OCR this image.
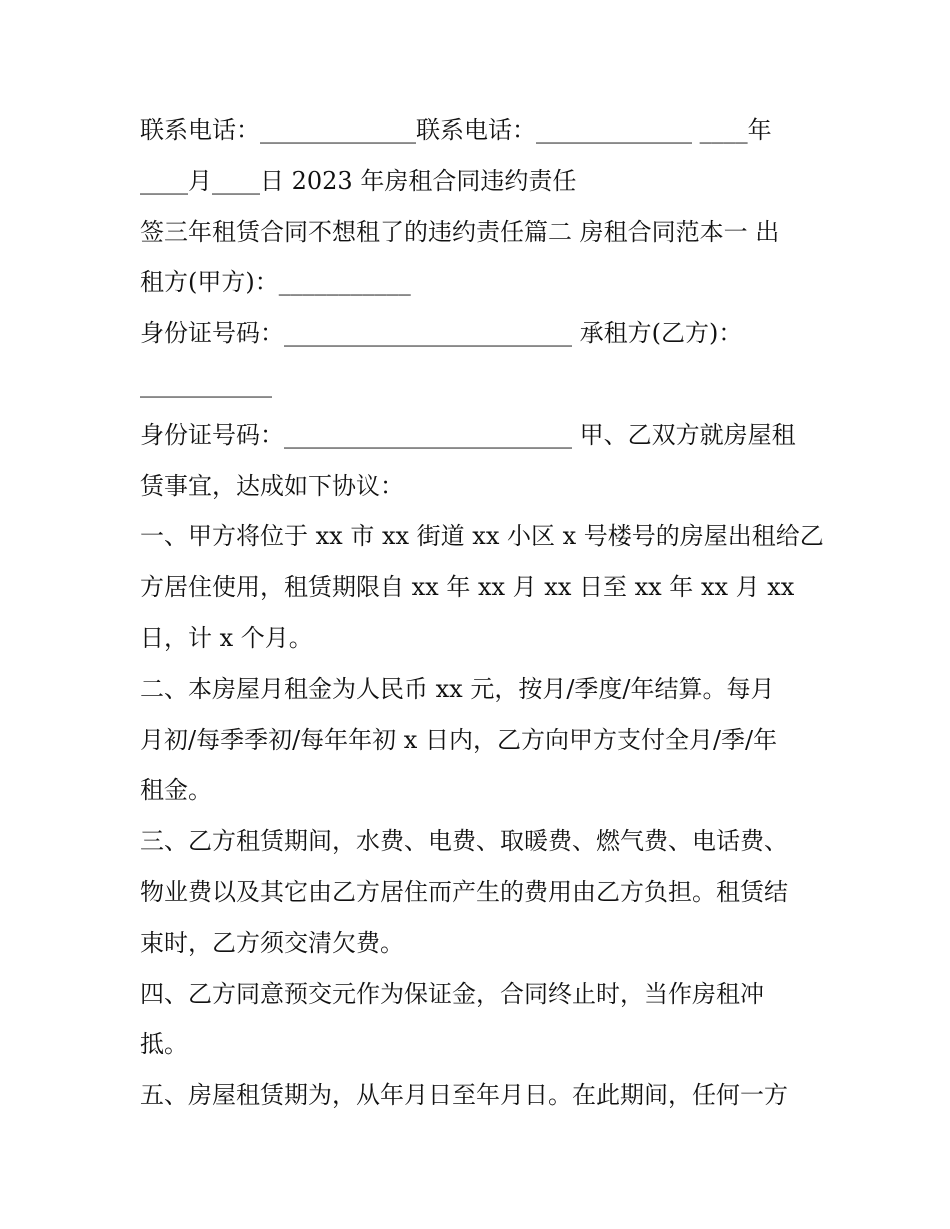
联系电话：_____________联系电话：_____________ ____年
____月____日 2023 年房租合同违约责任
签三年租赁合同不想租了的违约责任篇二 房租合同范本一 出
租方(甲方)：___________
身份证号码：________________________ 承租方(乙方)：
___________
身份证号码：________________________ 甲、乙双方就房屋租
赁事宜，达成如下协议：
一、甲方将位于 xx 市 xx 街道 xx 小区 x 号楼号的房屋出租给乙
方居住使用，租赁期限自 xx 年 xx 月 xx 日至 xx 年 xx 月 xx
日，计 x 个月。
二、本房屋月租金为人民币 xx 元，按月/季度/年结算。每月
月初/每季季初/每年年初 x 日内，乙方向甲方支付全月/季/年
租金。
三、乙方租赁期间，水费、电费、取暖费、燃气费、电话费、
物业费以及其它由乙方居住而产生的费用由乙方负担。租赁结
束时，乙方须交清欠费。
四、乙方同意预交元作为保证金，合同终止时，当作房租冲
抵。
五、房屋租赁期为，从年月日至年月日。在此期间，任何一方
